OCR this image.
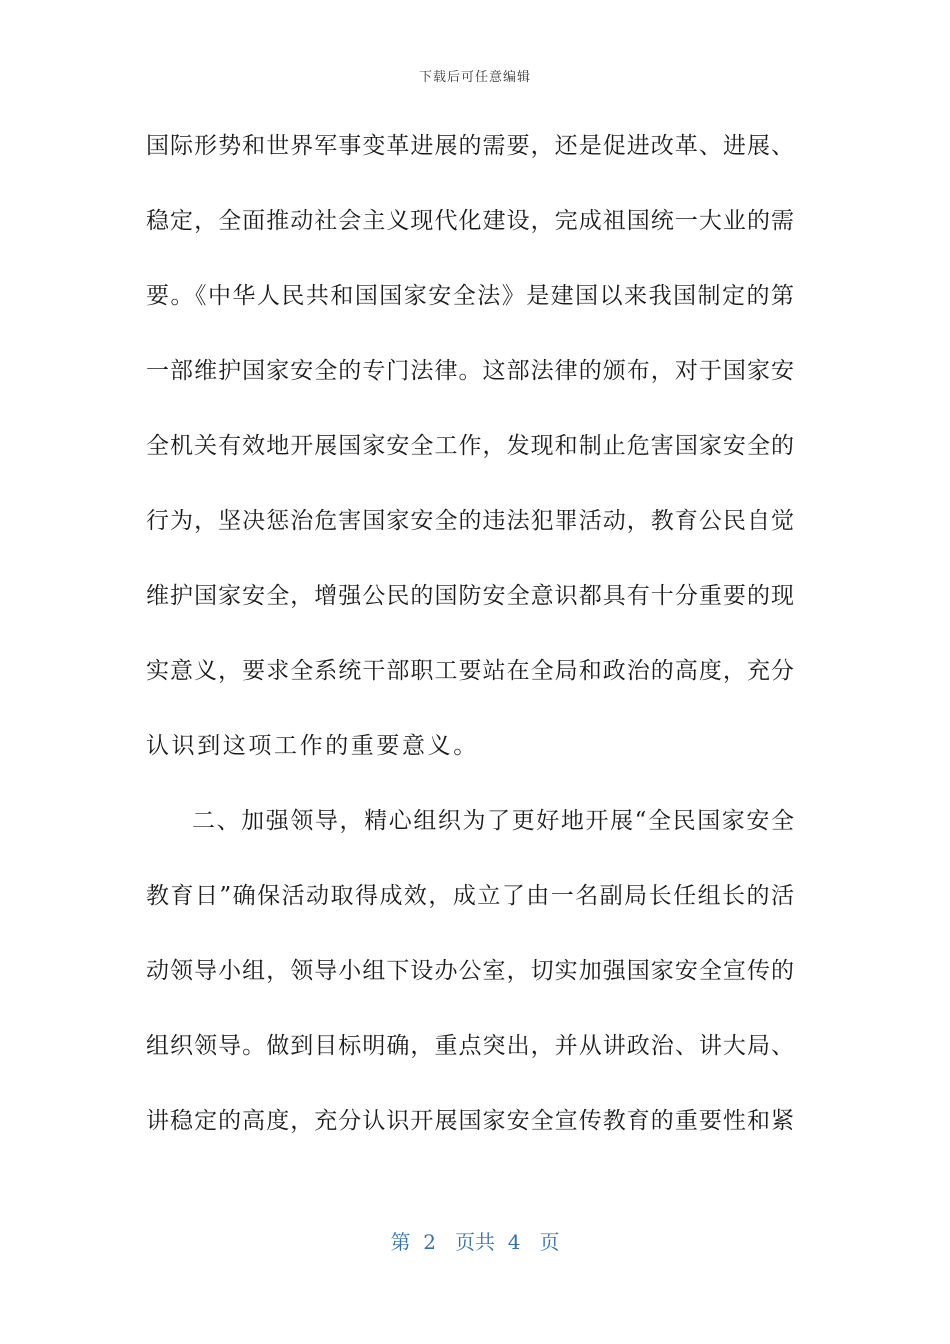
下载后可任意编辑
国际形势和世界军事变革进展的需要，还是促进改革、进展、
稳定，全面推动社会主义现代化建设，完成祖国统一大业的需
要。《中华人民共和国国家安全法》是建国以来我国制定的第
一部维护国家安全的专门法律。这部法律的颁布，对于国家安
全机关有效地开展国家安全工作，发现和制止危害国家安全的
行为，坚决惩治危害国家安全的违法犯罪活动，教育公民自觉
维护国家安全，增强公民的国防安全意识都具有十分重要的现
实意义，要求全系统干部职工要站在全局和政治的高度，充分
认识到这项工作的重要意义。
二、加强领导，精心组织为了更好地开展“全民国家安全
教育日”确保活动取得成效，成立了由一名副局长任组长的活
动领导小组，领导小组下设办公室，切实加强国家安全宣传的
组织领导。做到目标明确，重点突出，并从讲政治、讲大局、
讲稳定的高度，充分认识开展国家安全宣传教育的重要性和紧
第  2   页共  4   页
